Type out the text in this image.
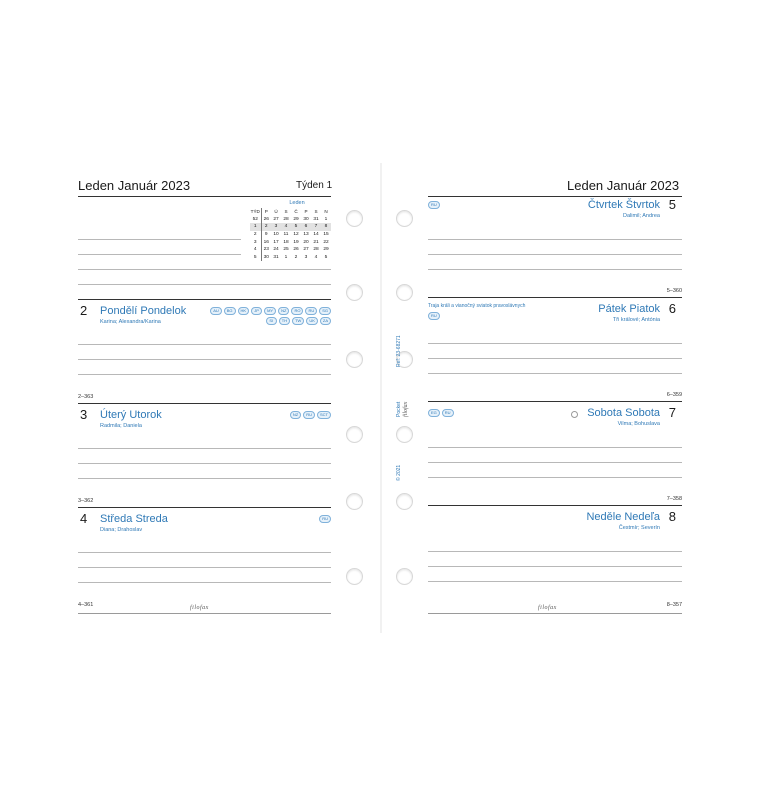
Leden Január 2023	Týden 1
Leden
TÝD	P	Ú	S	Č	P	S	N
52	26	27	28	29	30	31	1
1	2	3	4	5	6	7	8
2	9	10	11	12	13	14	15
3	16	17	18	19	20	21	22
4	23	24	25	26	27	28	29
5	30	31	1	2	3	4	5
2 Pondělí Pondelok
Karina; Alexandra/Karina
AU	BG	HK	JP	MY	NZ	RO	RU	SG
SI	TH	TW	UK	ZA
2–363
3 Úterý Utorok
Radmila; Daniela
NZ	RU	SCT
3–362
4 Středa Streda
Diana; Drahoslav
RU
4–361	filofax
Leden Január 2023
RU	Čtvrtek Štvrtok 5
Dalimil; Andrea
5–360
Traja králi a vianočný sviatok pravoslávnych
RU
Pátek Piatok 6
Tři králové; Antónia
6–359
EG	RU	Sobota Sobota 7
Vilma; Bohuslava
7–358
Neděle Nedeľa 8
Čestmír; Severín
8–357
filofax
Ref: 23-68271
Pocket filofax
© 2021
